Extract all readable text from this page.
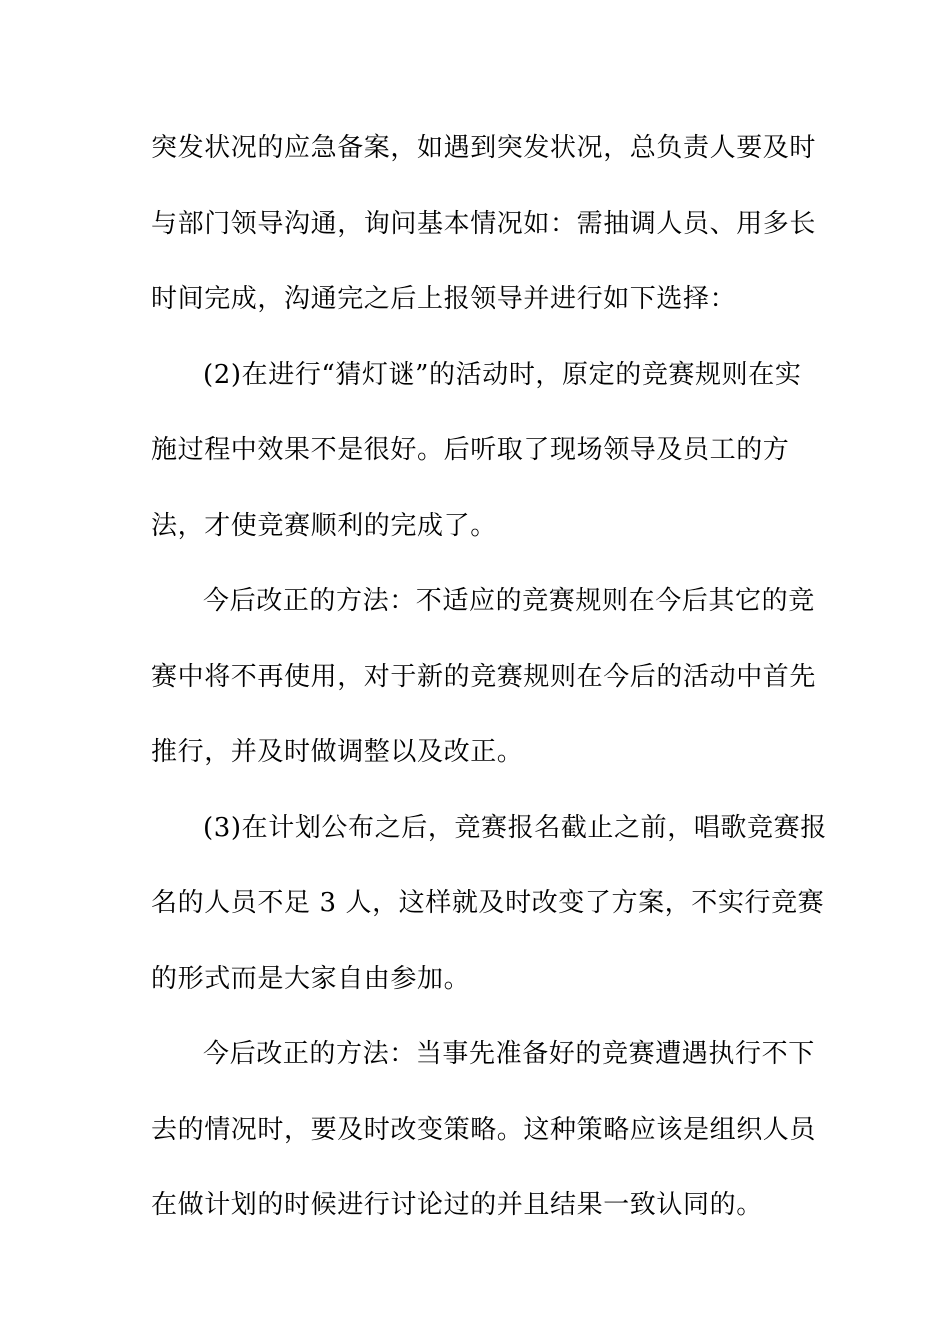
突发状况的应急备案，如遇到突发状况，总负责人要及时
与部门领导沟通，询问基本情况如：需抽调人员、用多长
时间完成，沟通完之后上报领导并进行如下选择：
(2)在进行“猜灯谜”的活动时，原定的竞赛规则在实
施过程中效果不是很好。后听取了现场领导及员工的方
法，才使竞赛顺利的完成了。
今后改正的方法：不适应的竞赛规则在今后其它的竞
赛中将不再使用，对于新的竞赛规则在今后的活动中首先
推行，并及时做调整以及改正。
(3)在计划公布之后，竞赛报名截止之前，唱歌竞赛报
名的人员不足 3 人，这样就及时改变了方案，不实行竞赛
的形式而是大家自由参加。
今后改正的方法：当事先准备好的竞赛遭遇执行不下
去的情况时，要及时改变策略。这种策略应该是组织人员
在做计划的时候进行讨论过的并且结果一致认同的。
